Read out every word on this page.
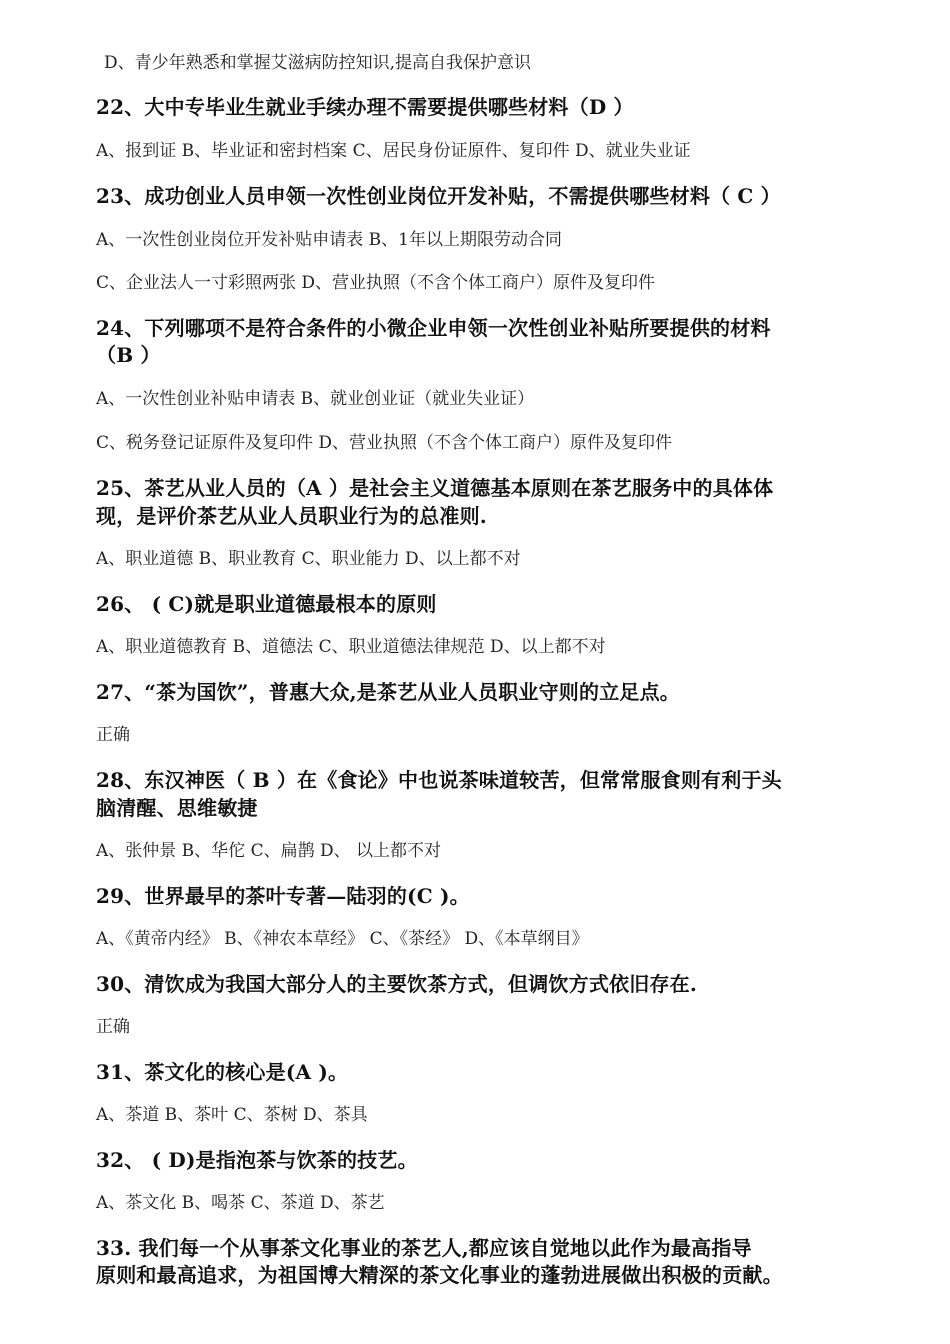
D、青少年熟悉和掌握艾滋病防控知识,提高自我保护意识
22、大中专毕业生就业手续办理不需要提供哪些材料（D ）
A、报到证 B、毕业证和密封档案 C、居民身份证原件、复印件 D、就业失业证
23、成功创业人员申领一次性创业岗位开发补贴，不需提供哪些材料（ C ）
A、一次性创业岗位开发补贴申请表 B、1年以上期限劳动合同
C、企业法人一寸彩照两张 D、营业执照（不含个体工商户）原件及复印件
24、下列哪项不是符合条件的小微企业申领一次性创业补贴所要提供的材料
（B ）
A、一次性创业补贴申请表 B、就业创业证（就业失业证）
C、税务登记证原件及复印件 D、营业执照（不含个体工商户）原件及复印件
25、茶艺从业人员的（A ）是社会主义道德基本原则在茶艺服务中的具体体
现，是评价茶艺从业人员职业行为的总准则.
A、职业道德 B、职业教育 C、职业能力 D、以上都不对
26、 ( C)就是职业道德最根本的原则
A、职业道德教育 B、道德法 C、职业道德法律规范 D、以上都不对
27、“茶为国饮”，普惠大众,是茶艺从业人员职业守则的立足点。
正确
28、东汉神医（ B ）在《食论》中也说茶味道较苦，但常常服食则有利于头
脑清醒、思维敏捷
A、张仲景 B、华佗 C、扁鹊 D、 以上都不对
29、世界最早的茶叶专著—陆羽的(C )。
A、《黄帝内经》 B、《神农本草经》 C、《茶经》 D、《本草纲目》
30、清饮成为我国大部分人的主要饮茶方式，但调饮方式依旧存在.
正确
31、茶文化的核心是(A )。
A、茶道 B、茶叶 C、茶树 D、茶具
32、 ( D)是指泡茶与饮茶的技艺。
A、茶文化 B、喝茶 C、茶道 D、茶艺
33. 我们每一个从事茶文化事业的茶艺人,都应该自觉地以此作为最高指导
原则和最高追求，为祖国博大精深的茶文化事业的蓬勃进展做出积极的贡献。
